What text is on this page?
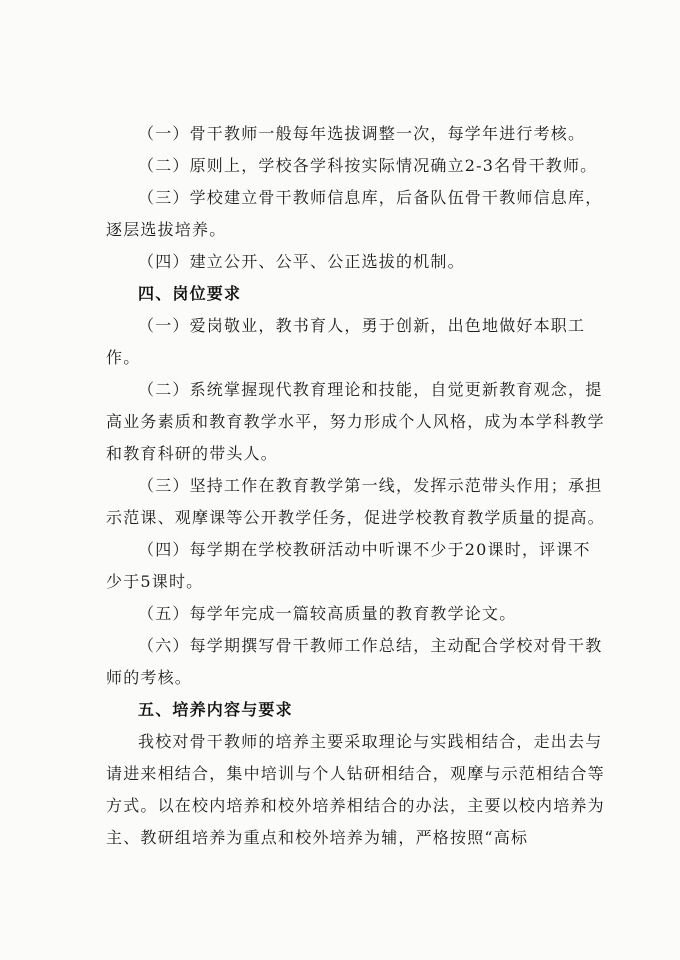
（一）骨干教师一般每年选拔调整一次，每学年进行考核。

（二）原则上，学校各学科按实际情况确立2-3名骨干教师。

（三）学校建立骨干教师信息库，后备队伍骨干教师信息库，逐层选拔培养。

（四）建立公开、公平、公正选拔的机制。

四、岗位要求

（一）爱岗敬业，教书育人，勇于创新，出色地做好本职工作。

（二）系统掌握现代教育理论和技能，自觉更新教育观念，提高业务素质和教育教学水平，努力形成个人风格，成为本学科教学和教育科研的带头人。

（三）坚持工作在教育教学第一线，发挥示范带头作用；承担示范课、观摩课等公开教学任务，促进学校教育教学质量的提高。

（四）每学期在学校教研活动中听课不少于20课时，评课不少于5课时。

（五）每学年完成一篇较高质量的教育教学论文。

（六）每学期撰写骨干教师工作总结，主动配合学校对骨干教师的考核。

五、培养内容与要求

我校对骨干教师的培养主要采取理论与实践相结合，走出去与请进来相结合，集中培训与个人钻研相结合，观摩与示范相结合等方式。以在校内培养和校外培养相结合的办法，主要以校内培养为主、教研组培养为重点和校外培养为辅，严格按照“高标
